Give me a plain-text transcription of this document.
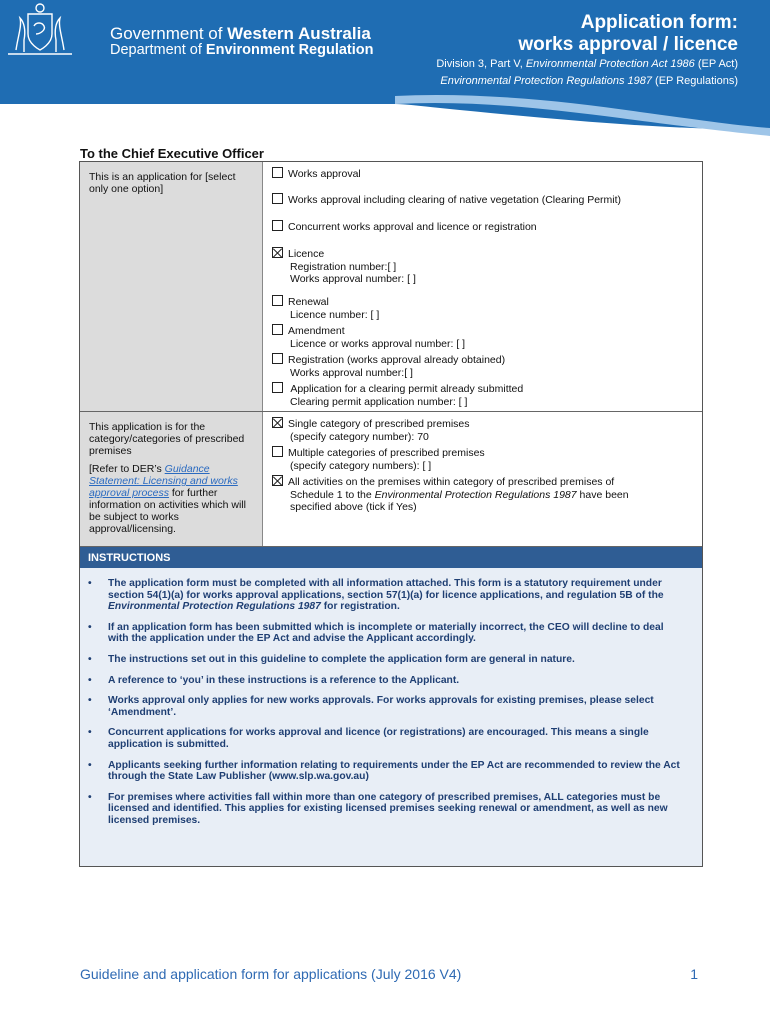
Government of Western Australia
Department of Environment Regulation
Application form:
works approval / licence
Division 3, Part V, Environmental Protection Act 1986 (EP Act)
Environmental Protection Regulations 1987 (EP Regulations)
To the Chief Executive Officer

This is an application for [select only one option]

Works approval
Works approval including clearing of native vegetation (Clearing Permit)
Concurrent works approval and licence or registration
Licence
Registration number:[ ]
Works approval number: [ ]
Renewal
Licence number: [ ]
Amendment
Licence or works approval number: [ ]
Registration (works approval already obtained)
Works approval number:[ ]
Application for a clearing permit already submitted
Clearing permit application number: [ ]

This application is for the category/categories of prescribed premises

[Refer to DER’s Guidance Statement: Licensing and works approval process for further information on activities which will be subject to works approval/licensing.

Single category of prescribed premises
(specify category number): 70
Multiple categories of prescribed premises
(specify category numbers): [ ]
All activities on the premises within category of prescribed premises of
Schedule 1 to the Environmental Protection Regulations 1987 have been
specified above (tick if Yes)
INSTRUCTIONS
• The application form must be completed with all information attached. This form is a statutory requirement under section 54(1)(a) for works approval applications, section 57(1)(a) for licence applications, and regulation 5B of the Environmental Protection Regulations 1987 for registration.
• If an application form has been submitted which is incomplete or materially incorrect, the CEO will decline to deal with the application under the EP Act and advise the Applicant accordingly.
• The instructions set out in this guideline to complete the application form are general in nature.
• A reference to ‘you’ in these instructions is a reference to the Applicant.
• Works approval only applies for new works approvals. For works approvals for existing premises, please select ‘Amendment’.
• Concurrent applications for works approval and licence (or registrations) are encouraged. This means a single application is submitted.
• Applicants seeking further information relating to requirements under the EP Act are recommended to review the Act through the State Law Publisher (www.slp.wa.gov.au)
• For premises where activities fall within more than one category of prescribed premises, ALL categories must be licensed and identified. This applies for existing licensed premises seeking renewal or amendment, as well as new licensed premises.
Guideline and application form for applications (July 2016 V4)	1
